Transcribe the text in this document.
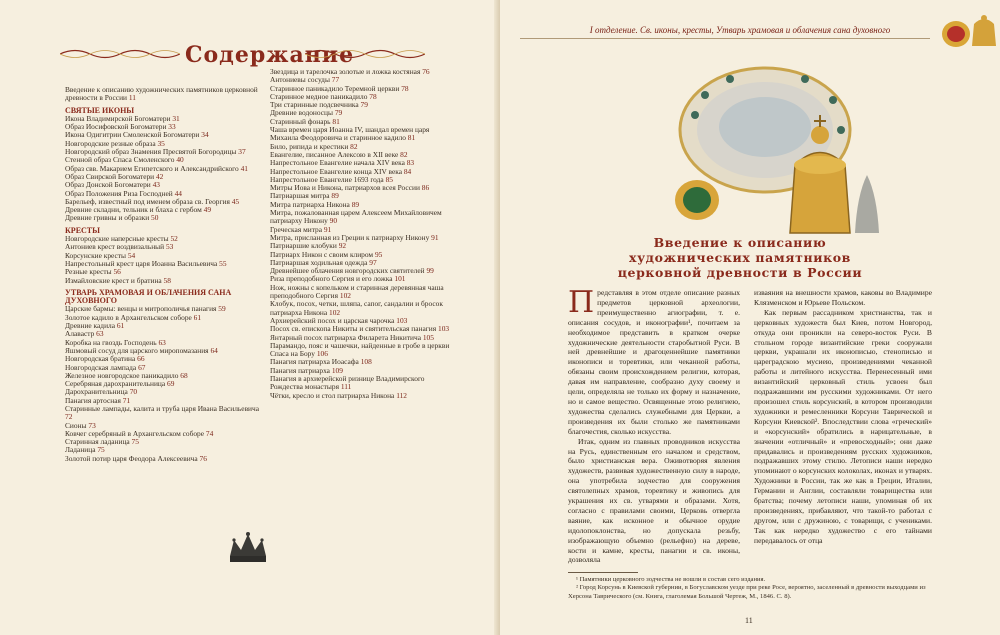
Содержание
Введение к описанию художнических памятников церковной древности в России 11
СВЯТЫЕ ИКОНЫ
Икона Владимирской Богоматери 31
Образ Иосифовской Богоматери 33
Икона Одигитрии Смоленской Богоматери 34
Новгородские резные образа 35
Новгородский образ Знамения Пресвятой Богородицы 37
Стенной образ Спаса Смоленского 40
Образ свв. Макарием Египетского и Александрийского 41
Образ Свирской Богоматери 42
Образ Донской Богоматери 43
Образ Положения Риза Господней 44
Барельеф, известный под именем образа св. Георгия 45
Древние складни, тельник и блаха с гербом 49
Древние гривны и образки 50
КРЕСТЫ
Новгородские наперсные кресты 52
Антониев крест воздвизальный 53
Корсунские кресты 54
Напрестольный крест царя Иоанна Васильевича 55
Резные кресты 56
Измайловские крест и братина 58
УТВАРЬ ХРАМОВАЯ И ОБЛАЧЕНИЯ САНА ДУХОВНОГО
Царские бармы: венцы и митрополичья панагия 59
Золотое кадило в Архангельском соборе 61
Древние кадила 61
Алавастр 63
Коробка на гвоздь Господень 63
Яшмовый сосуд для царского миропомазания 64
Новгородская братина 66
Новгородская лампада 67
Железное новгородское паникадило 68
Серебряная дарохранительница 69
Дарохранительница 70
Панагия артосная 71
Старинные лампады, калита и труба царя Ивана Васильевича 72
Сионы 73
Ковчег серебряный в Архангельском соборе 74
Старинная ладаница 75
Ладаница 75
Золотой потир царя Феодора Алексеевича 76
Звездица и тарелочка золотые и ложка костяная 76
Антониевы сосуды 77
Старинное паникадило Теремной церкви 78
Старинное медное паникадило 78
Три старинные подсвечника 79
Древние водоносцы 79
Старинный фонарь 81
Чаша времен царя Иоанна IV, шандал времен царя Михаила Феодоровича и старинное кадило 81
Било, рипида и крестики 82
Евангелие, писанное Алексою в XII веке 82
Напрестольное Евангелие начала XIV века 83
Напрестольное Евангелие конца XIV века 84
Напрестольное Евангелие 1693 года 85
Митры Иова и Никона, патриархов всея России 86
Патриаршая митра 89
Митра патриарха Никона 89
Митра, пожалованная царем Алексеем Михайловичем патриарху Никону 90
Греческая митра 91
Митра, присланная из Греции к патриарху Никону 91
Патриаршие клобуки 92
Патриарх Никон с своим клиром 95
Патриаршая ходильная одежда 97
Древнейшее облачения новгородских святителей 99
Риза преподобного Сергия и его ложка 101
Нож, ножны с копельком и старинная деревянная чаша преподобного Сергия 102
Клобук, посох, четки, шляпа, сапог, сандалии и бросок патриарха Никона 102
Архиерейский посох и царская чарочка 103
Посох св. епископа Никиты и святительская панагия 103
Янтарный посох патриарха Филарета Никитича 105
Парамандо, пояс и чашечки, найденные в гробе в церкви Спаса на Бору 106
Панагия патриарха Иоасафа 108
Панагия патриарха 109
Панагия в архиерейской ризнице Владимирского Рождества монастыря 111
Чётки, кресло и стол патриарха Никона 112
I отделение. Св. иконы, кресты, Утварь храмовая и облачения сана духовного
Введение к описанию художнических памятников церковной древности в России

Представляя в этом отделе описание разных предметов церковной археологии, преимущественно агиографии, т. е. описания сосудов, и иконографии¹, почитаем за необходимое представить в кратком очерке художнические деятельности старобытной Руси. В ней древнейшие и драгоценнейшие памятники иконописи и торевтики, или чеканной работы, обязаны своим происхождением религии, которая, давая им направление, сообразно духу своему и цели, определяла не только их форму и назначение, но и самое вещество. Освященные этою религиею, художества сделались служебными для Церкви, а произведения их были столько же памятниками благочестия, сколько искусства.

Итак, одним из главных проводников искусства на Русь, единственным его началом и средством, было христианская вера. Оживотворяя явления художеств, развивая художественную силу в народе, она употребила зодчество для сооружения святолепных храмов, торевтику и живопись для украшения их св. утварями и образами. Хотя, согласно с правилами своими, Церковь отвергла ваяние, как исконное и обычное орудие идолопоклонства, но допускала резьбу, изображающую объемно (рельефно) на дереве, кости и камне, кресты, панагии и св. иконы, дозволяла

изваяния на внешности храмов, каковы во Владимире Клязменском и Юрьеве Польском.

Как первым рассадником христианства, так и церковных художеств был Киев, потом Новгород, откуда они проникли на северо-восток Руси. В стольном городе византийские греки сооружали церкви, украшали их иконописью, стенописью и цареградскою мусиею, произведениями чеканной работы и литейного искусства. Перенесенный ими византийский церковный стиль усвоен был подражавшими им русскими художниками. От него произошел стиль корсунский, в котором производили художники и ремесленники Корсуни Таврической и Корсуни Киевской². Впоследствии слова «греческий» и «корсунский» обратились в нарицательные, в значении «отличный» и «превосходный»; они даже придавались и произведениям русских художников, подражавших этому стилю. Летописи наши нередко упоминают о корсунских колоколах, иконах и утварях. Художники в России, так же как в Греции, Италии, Германии и Англии, составляли товарищества или братства; почему летописи наши, упоминая об их произведениях, прибавляют, что такой-то работал с другом, или с дружиною, с товарищи, с учениками. Так как нередко художество с его тайнами передавалось от отца

¹ Памятники церковного зодчества не вошли в состав сего издания.
² Город Корсунь в Киевской губернии, в Богуславском уезде при реке Росе, вероятно, заселенный в древности выходцами из Херсона Таврического (см. Книга, глаголемая Большой Чертеж, М., 1846. С. 8).
11
